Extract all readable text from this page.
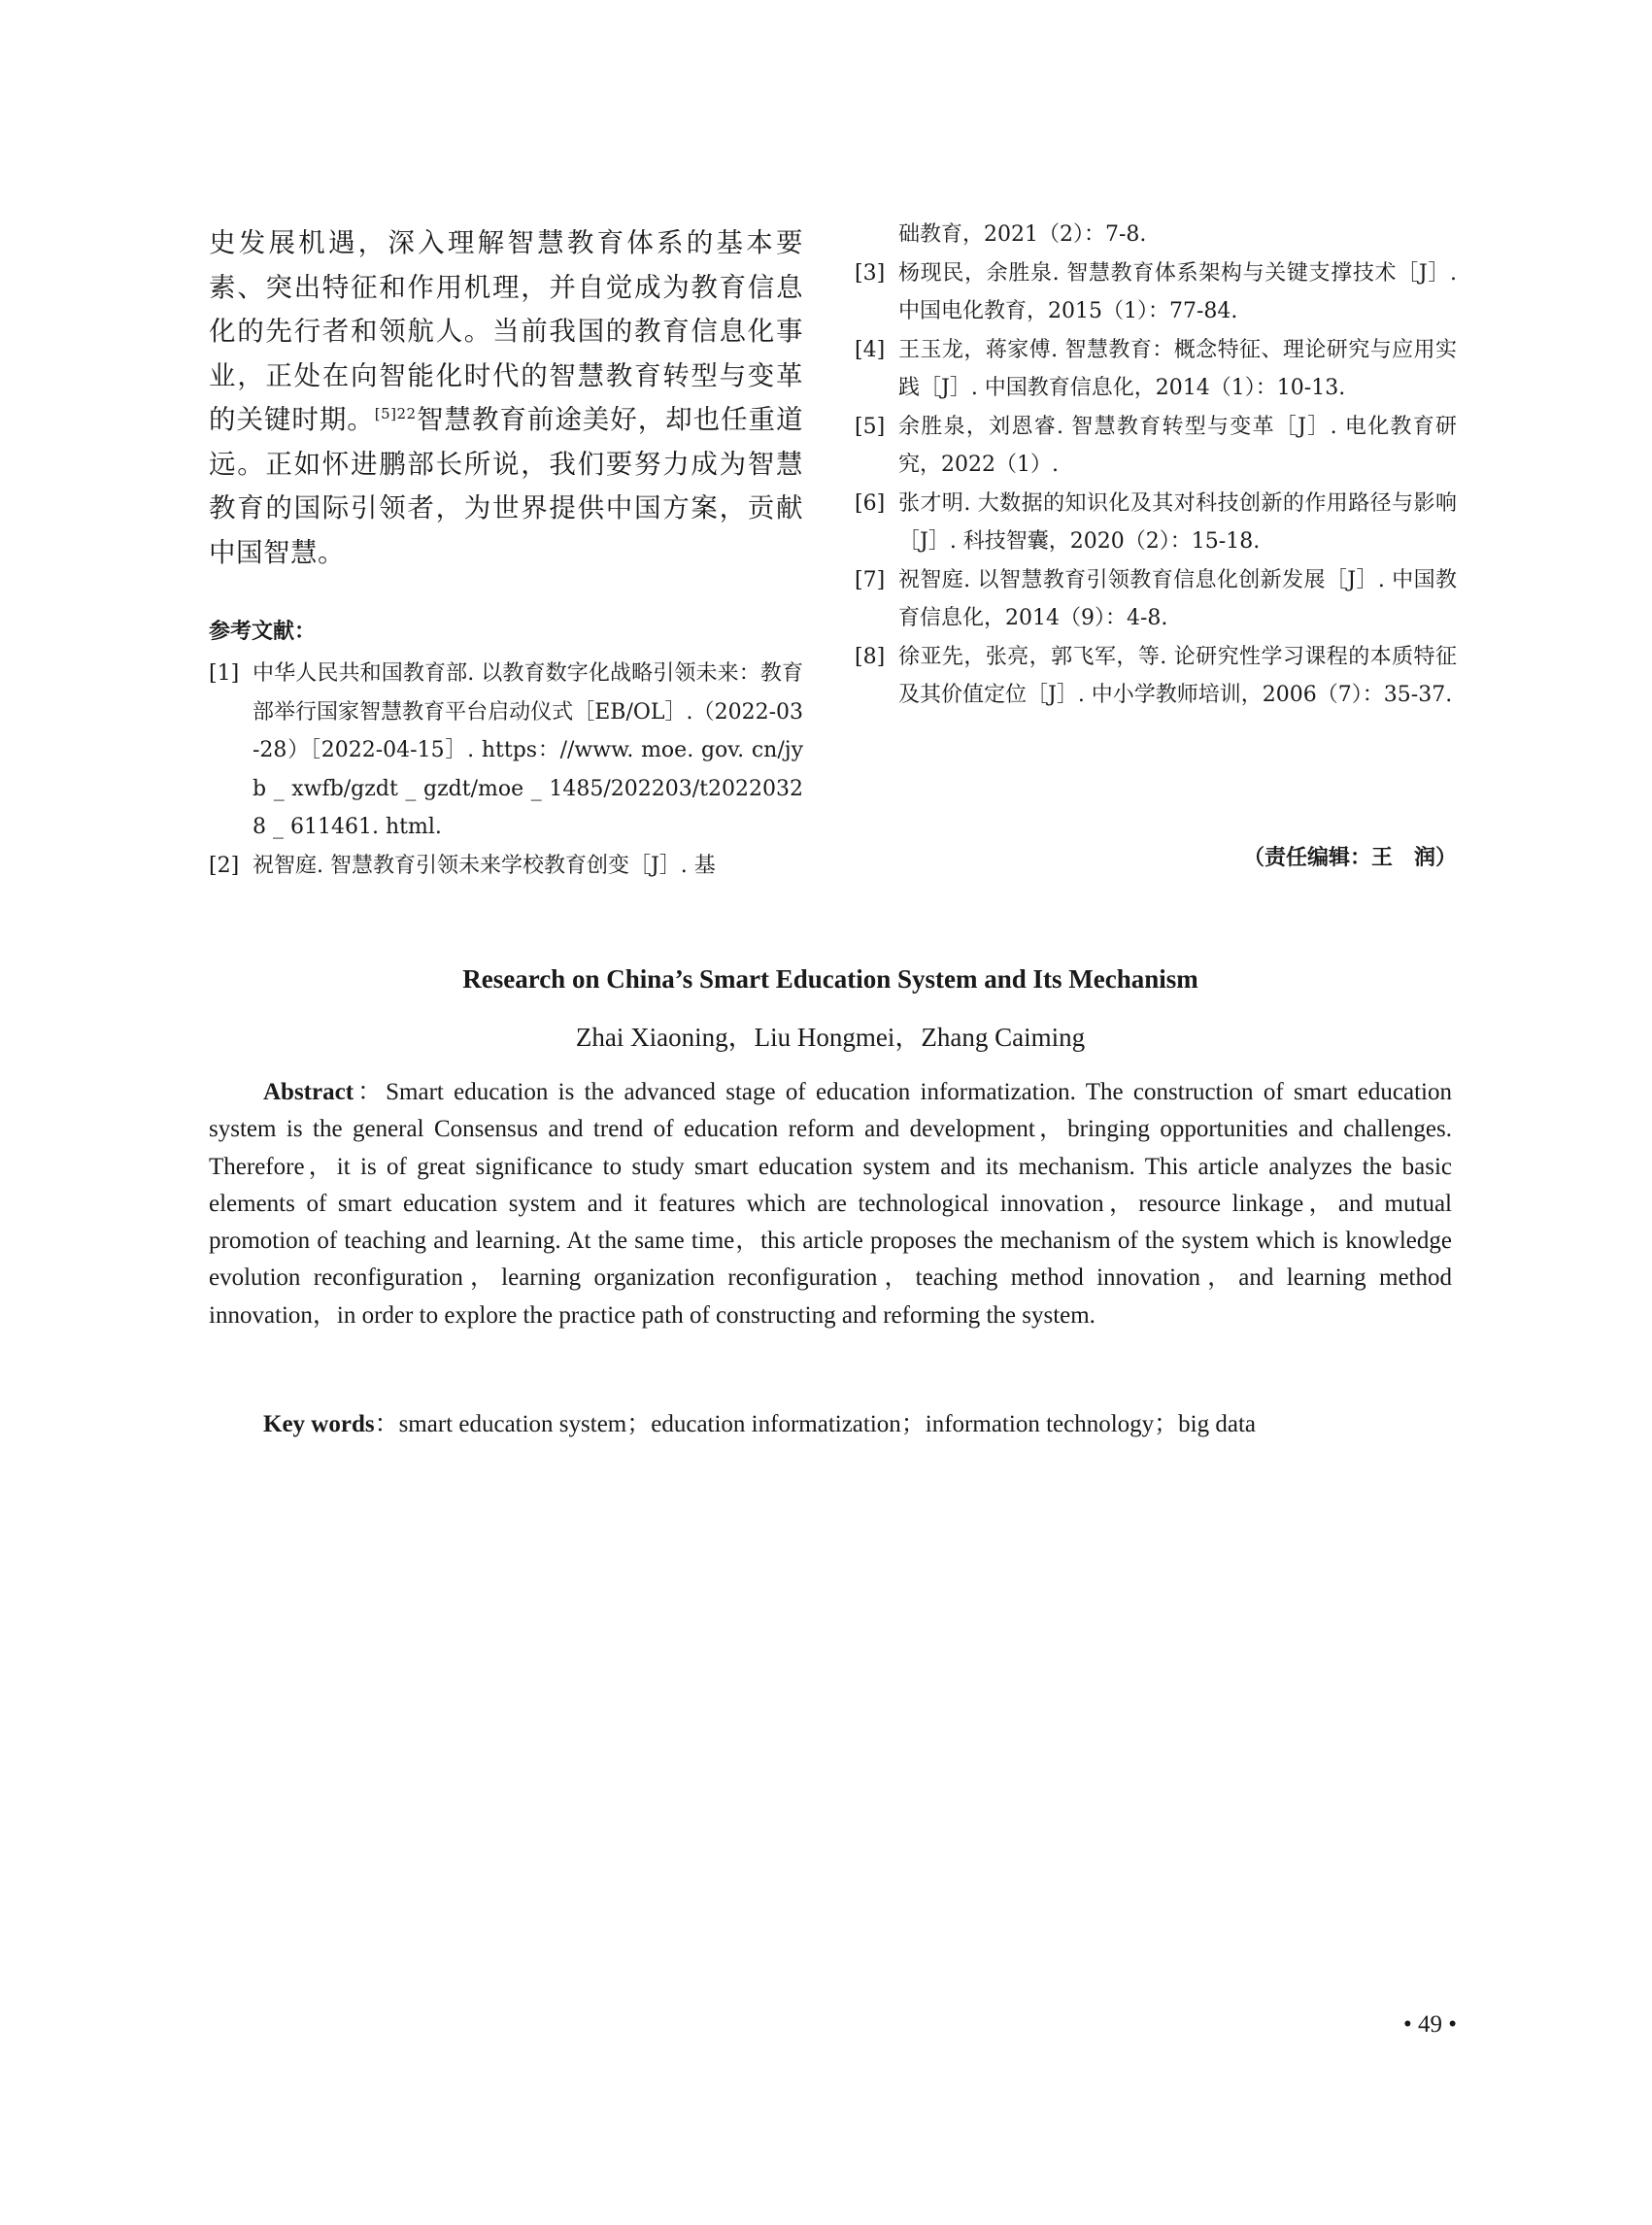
史发展机遇，深入理解智慧教育体系的基本要素、突出特征和作用机理，并自觉成为教育信息化的先行者和领航人。当前我国的教育信息化事业，正处在向智能化时代的智慧教育转型与变革的关键时期。$^{[5]22}$智慧教育前途美好，却也任重道远。正如怀进鹏部长所说，我们要努力成为智慧教育的国际引领者，为世界提供中国方案，贡献中国智慧。

参考文献：
[1] 中华人民共和国教育部. 以教育数字化战略引领未来：教育部举行国家智慧教育平台启动仪式［EB/OL］.（2022-03-28）［2022-04-15］. https：//www. moe. gov. cn/jyb _ xwfb/gzdt _ gzdt/moe _ 1485/202203/t20220328 _ 611461. html.
[2] 祝智庭. 智慧教育引领未来学校教育创变［J］. 基
础教育，2021（2）：7-8.
[3] 杨现民，余胜泉. 智慧教育体系架构与关键支撑技术［J］. 中国电化教育，2015（1）：77-84.
[4] 王玉龙，蒋家傅. 智慧教育：概念特征、理论研究与应用实践［J］. 中国教育信息化，2014（1）：10-13.
[5] 余胜泉，刘恩睿. 智慧教育转型与变革［J］. 电化教育研究，2022（1）.
[6] 张才明. 大数据的知识化及其对科技创新的作用路径与影响［J］. 科技智囊，2020（2）：15-18.
[7] 祝智庭. 以智慧教育引领教育信息化创新发展［J］. 中国教育信息化，2014（9）：4-8.
[8] 徐亚先，张亮，郭飞军，等. 论研究性学习课程的本质特征及其价值定位［J］. 中小学教师培训，2006（7）：35-37.
（责任编辑：王　润）
Research on China’s Smart Education System and Its Mechanism
Zhai Xiaoning，Liu Hongmei，Zhang Caiming

Abstract：Smart education is the advanced stage of education informatization. The construction of smart education system is the general Consensus and trend of education reform and development，bringing opportunities and challenges. Therefore，it is of great significance to study smart education system and its mechanism. This article analyzes the basic elements of smart education system and it features which are technological innovation，resource linkage，and mutual promotion of teaching and learning. At the same time，this article proposes the mechanism of the system which is knowledge evolution reconfiguration，learning organization reconfiguration，teaching method innovation，and learning method innovation，in order to explore the practice path of constructing and reforming the system.

Key words：smart education system；education informatization；information technology；big data

• 49 •
